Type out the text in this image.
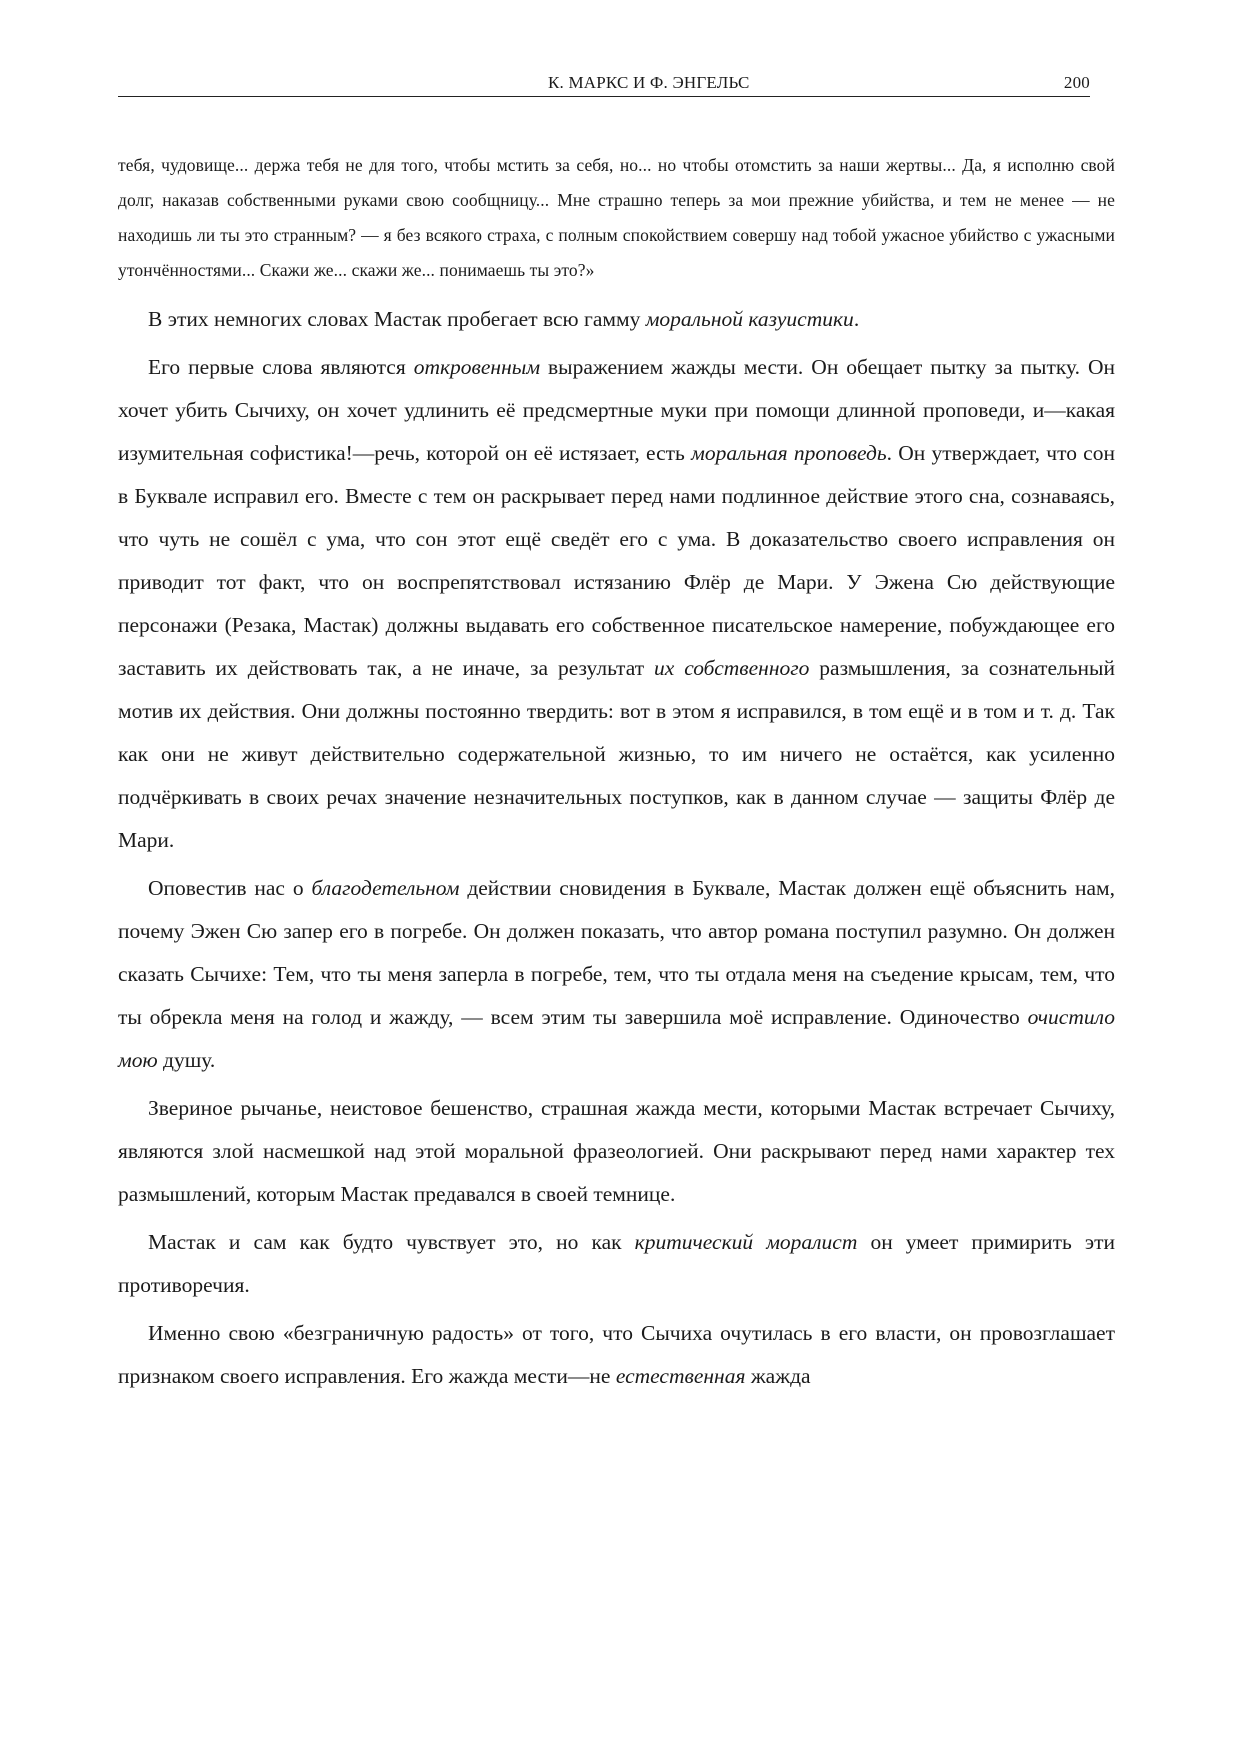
К. МАРКС И Ф. ЭНГЕЛЬС	200

тебя, чудовище... держа тебя не для того, чтобы мстить за себя, но... но чтобы отомстить за наши жертвы... Да, я исполню свой долг, наказав собственными руками свою сообщницу... Мне страшно теперь за мои прежние убийства, и тем не менее — не находишь ли ты это странным? — я без всякого страха, с полным спокойствием совершу над тобой ужасное убийство с ужасными утончённостями... Скажи же... скажи же... понимаешь ты это?»

В этих немногих словах Мастак пробегает всю гамму моральной казуистики.

Его первые слова являются откровенным выражением жажды мести. Он обещает пытку за пытку. Он хочет убить Сычиху, он хочет удлинить её предсмертные муки при помощи длинной проповеди, и—какая изумительная софистика!—речь, которой он её истязает, есть моральная проповедь. Он утверждает, что сон в Буквале исправил его. Вместе с тем он раскрывает перед нами подлинное действие этого сна, сознаваясь, что чуть не сошёл с ума, что сон этот ещё сведёт его с ума. В доказательство своего исправления он приводит тот факт, что он воспрепятствовал истязанию Флёр де Мари. У Эжена Сю действующие персонажи (Резака, Мастак) должны выдавать его собственное писательское намерение, побуждающее его заставить их действовать так, а не иначе, за результат их собственного размышления, за сознательный мотив их действия. Они должны постоянно твердить: вот в этом я исправился, в том ещё и в том и т. д. Так как они не живут действительно содержательной жизнью, то им ничего не остаётся, как усиленно подчёркивать в своих речах значение незначительных поступков, как в данном случае — защиты Флёр де Мари.

Оповестив нас о благодетельном действии сновидения в Буквале, Мастак должен ещё объяснить нам, почему Эжен Сю запер его в погребе. Он должен показать, что автор романа поступил разумно. Он должен сказать Сычихе: Тем, что ты меня заперла в погребе, тем, что ты отдала меня на съедение крысам, тем, что ты обрекла меня на голод и жажду, — всем этим ты завершила моё исправление. Одиночество очистило мою душу.

Звериное рычанье, неистовое бешенство, страшная жажда мести, которыми Мастак встречает Сычиху, являются злой насмешкой над этой моральной фразеологией. Они раскрывают перед нами характер тех размышлений, которым Мастак предавался в своей темнице.

Мастак и сам как будто чувствует это, но как критический моралист он умеет примирить эти противоречия.

Именно свою «безграничную радость» от того, что Сычиха очутилась в его власти, он провозглашает признаком своего исправления. Его жажда мести—не естественная жажда
